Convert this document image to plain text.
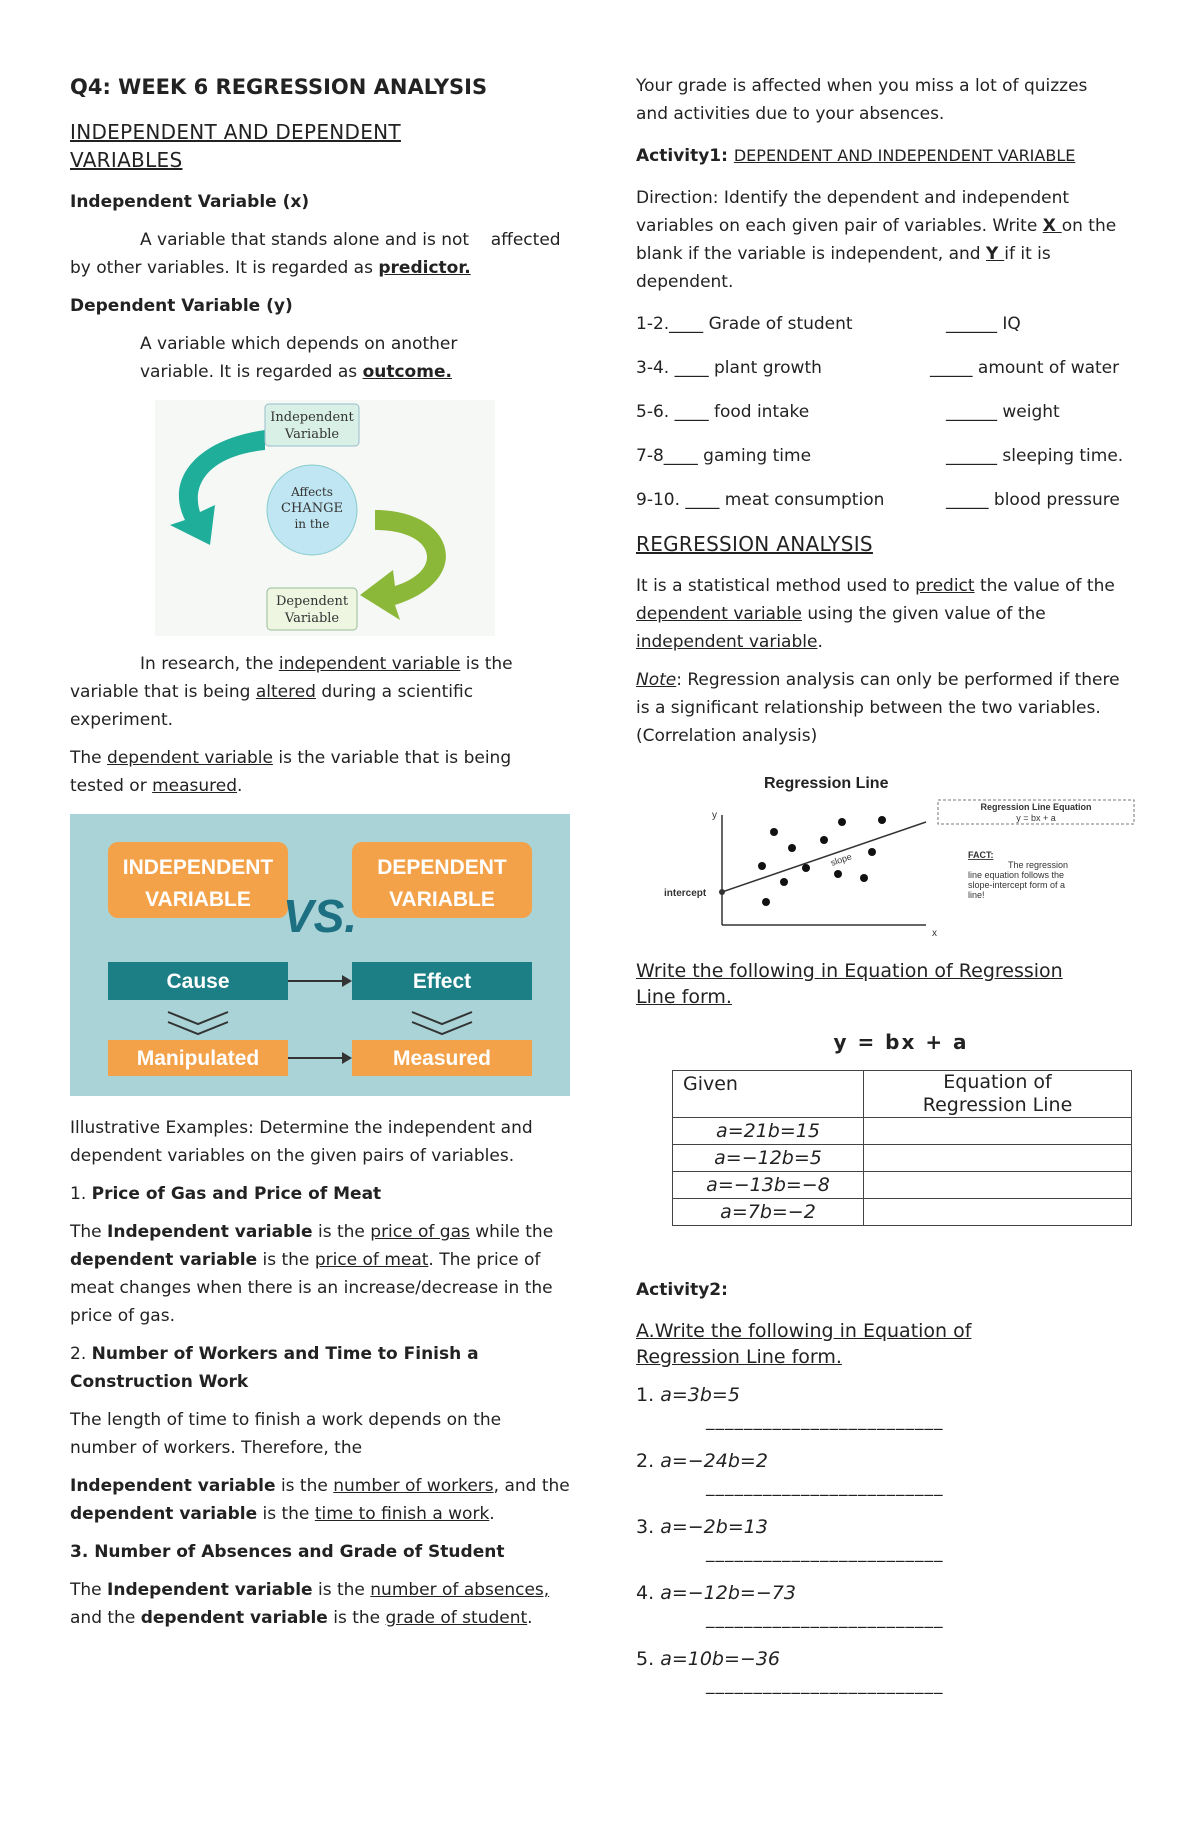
Q4: WEEK 6 REGRESSION ANALYSIS
INDEPENDENT AND DEPENDENT VARIABLES

Independent Variable (x)

A variable that stands alone and is not    affected

by other variables. It is regarded as predictor.

Dependent Variable (y)

A variable which depends on another

variable. It is regarded as outcome.

Independent
Variable
Affects
CHANGE
in the
Dependent
Variable

In research, the independent variable is the

variable that is being altered during a scientific

experiment.

The dependent variable is the variable that is being

tested or measured.

INDEPENDENT
VARIABLE
DEPENDENT
VARIABLE
VS.
Cause	Effect
Manipulated	Measured

Illustrative Examples: Determine the independent and

dependent variables on the given pairs of variables.

1. Price of Gas and Price of Meat

The Independent variable is the price of gas while the

dependent variable is the price of meat. The price of

meat changes when there is an increase/decrease in the

price of gas.

2. Number of Workers and Time to Finish a

Construction Work

The length of time to finish a work depends on the

number of workers. Therefore, the

Independent variable is the number of workers, and the

dependent variable is the time to finish a work.

3. Number of Absences and Grade of Student

The Independent variable is the number of absences,

and the dependent variable is the grade of student.

Your grade is affected when you miss a lot of quizzes

and activities due to your absences.

Activity1: DEPENDENT AND INDEPENDENT VARIABLE

Direction: Identify the dependent and independent

variables on each given pair of variables. Write X on the

blank if the variable is independent, and Y if it is

dependent.

1-2.____ Grade of student	______ IQ
3-4. ____ plant growth	_____ amount of water
5-6. ____ food intake	______ weight
7-8____ gaming time	______ sleeping time.
9-10. ____ meat consumption	_____ blood pressure
REGRESSION ANALYSIS

It is a statistical method used to predict the value of the

dependent variable using the given value of the

independent variable.

Note: Regression analysis can only be performed if there

is a significant relationship between the two variables.

(Correlation analysis)

Regression Line
y
x
intercept
slope
Regression Line Equation
y = bx + a
FACT:
The regression
line equation follows the
slope-intercept form of a
line!

Write the following in Equation of Regression

Line form.

y = bx + a

Given	Equation of
Regression Line

a=21b=15	
a=−12b=5	
a=−13b=−8	
a=7b=−2	

Activity2:

A.Write the following in Equation of

Regression Line form.

1. a=3b=5

_________________________

2. a=−24b=2

_________________________

3. a=−2b=13

_________________________

4. a=−12b=−73

_________________________

5. a=10b=−36

_________________________
